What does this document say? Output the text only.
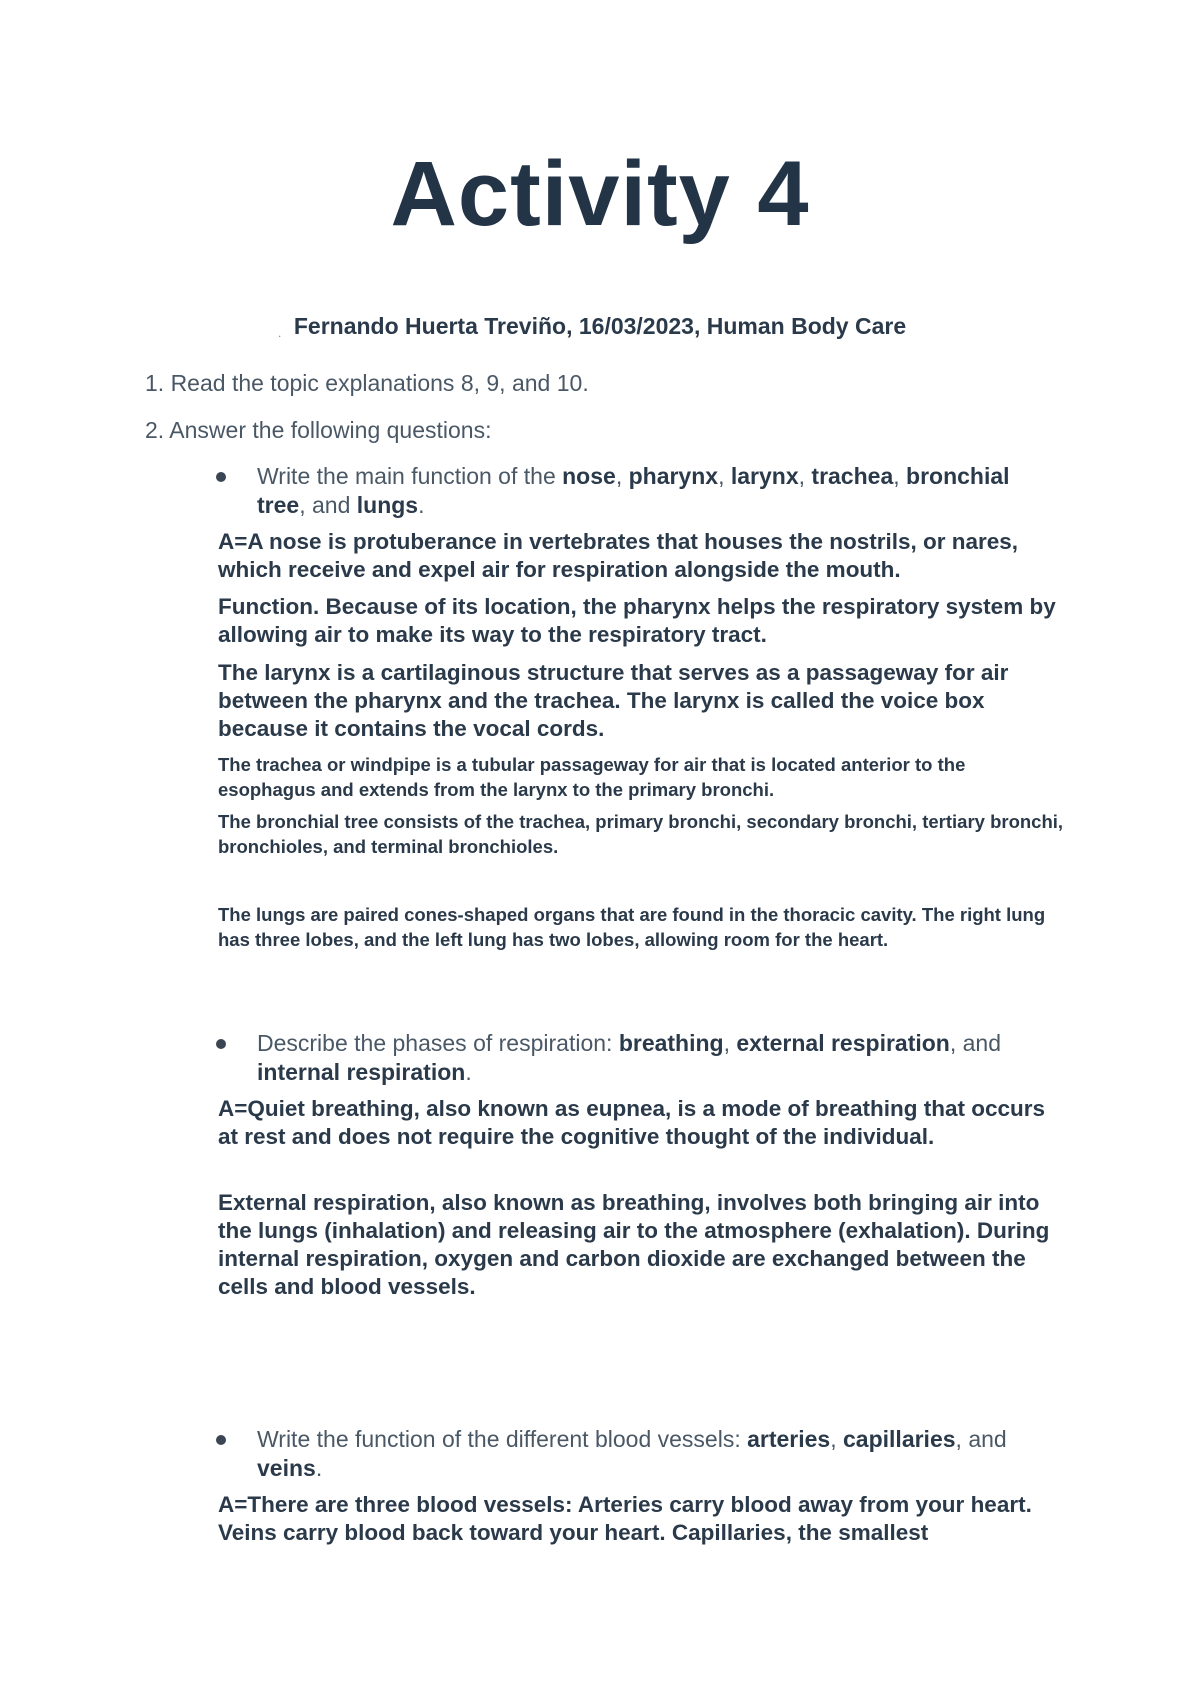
Activity 4
. Fernando Huerta Treviño, 16/03/2023, Human Body Care
1. Read the topic explanations 8, 9, and 10.
2. Answer the following questions:
Write the main function of the nose, pharynx, larynx, trachea, bronchial tree, and lungs.
A=A nose is protuberance in vertebrates that houses the nostrils, or nares, which receive and expel air for respiration alongside the mouth.
Function. Because of its location, the pharynx helps the respiratory system by allowing air to make its way to the respiratory tract.
The larynx is a cartilaginous structure that serves as a passageway for air between the pharynx and the trachea. The larynx is called the voice box because it contains the vocal cords.
The trachea or windpipe is a tubular passageway for air that is located anterior to the esophagus and extends from the larynx to the primary bronchi.
The bronchial tree consists of the trachea, primary bronchi, secondary bronchi, tertiary bronchi, bronchioles, and terminal bronchioles.
The lungs are paired cones-shaped organs that are found in the thoracic cavity. The right lung has three lobes, and the left lung has two lobes, allowing room for the heart.
Describe the phases of respiration: breathing, external respiration, and internal respiration.
A=Quiet breathing, also known as eupnea, is a mode of breathing that occurs at rest and does not require the cognitive thought of the individual.
External respiration, also known as breathing, involves both bringing air into the lungs (inhalation) and releasing air to the atmosphere (exhalation). During internal respiration, oxygen and carbon dioxide are exchanged between the cells and blood vessels.
Write the function of the different blood vessels: arteries, capillaries, and veins.
A=There are three blood vessels: Arteries carry blood away from your heart. Veins carry blood back toward your heart. Capillaries, the smallest
